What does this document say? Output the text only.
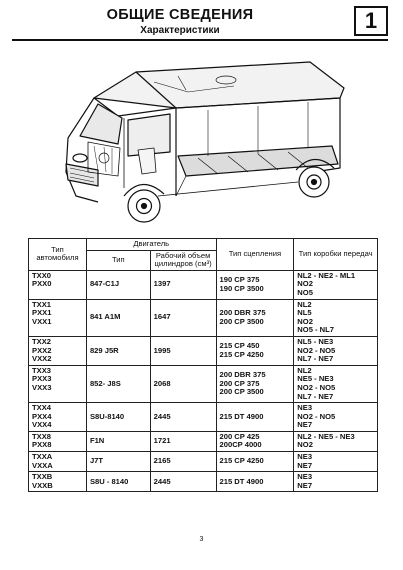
ОБЩИЕ СВЕДЕНИЯ
Характеристики	1
Тип автомобиля	Двигатель		Тип сцепления	Тип коробки передач
	Тип	Рабочий объем цилиндров (см³)		

TXX0
PXX0	847-C1J	1397	190 CP 375
190 CP 3500	NL2 - NE2 - ML1
NO2
NO5

TXX1
PXX1
VXX1	841 A1M	1647	200 DBR 375
200 CP 3500	NL2
NL5
NO2
NO5 - NL7

TXX2
PXX2
VXX2	829 J5R	1995	215 CP 450
215 CP 4250	NL5 - NE3
NO2 - NO5
NL7 - NE7

TXX3
PXX3
VXX3	852- J8S	2068	200 DBR 375
200 CP 375
200 CP 3500	NL2
NE5 - NE3
NO2 - NO5
NL7 - NE7

TXX4
PXX4
VXX4	S8U-8140	2445	215 DT 4900	NE3
NO2 - NO5
NE7

TXX8
PXX8	F1N	1721	200 CP 425
200CP 4000	NL2 - NE5 - NE3
NO2

TXXA
VXXA	J7T	2165	215 CP 4250	NE3
NE7

TXXB
VXXB	S8U - 8140	2445	215 DT 4900	NE3
NE7
3
